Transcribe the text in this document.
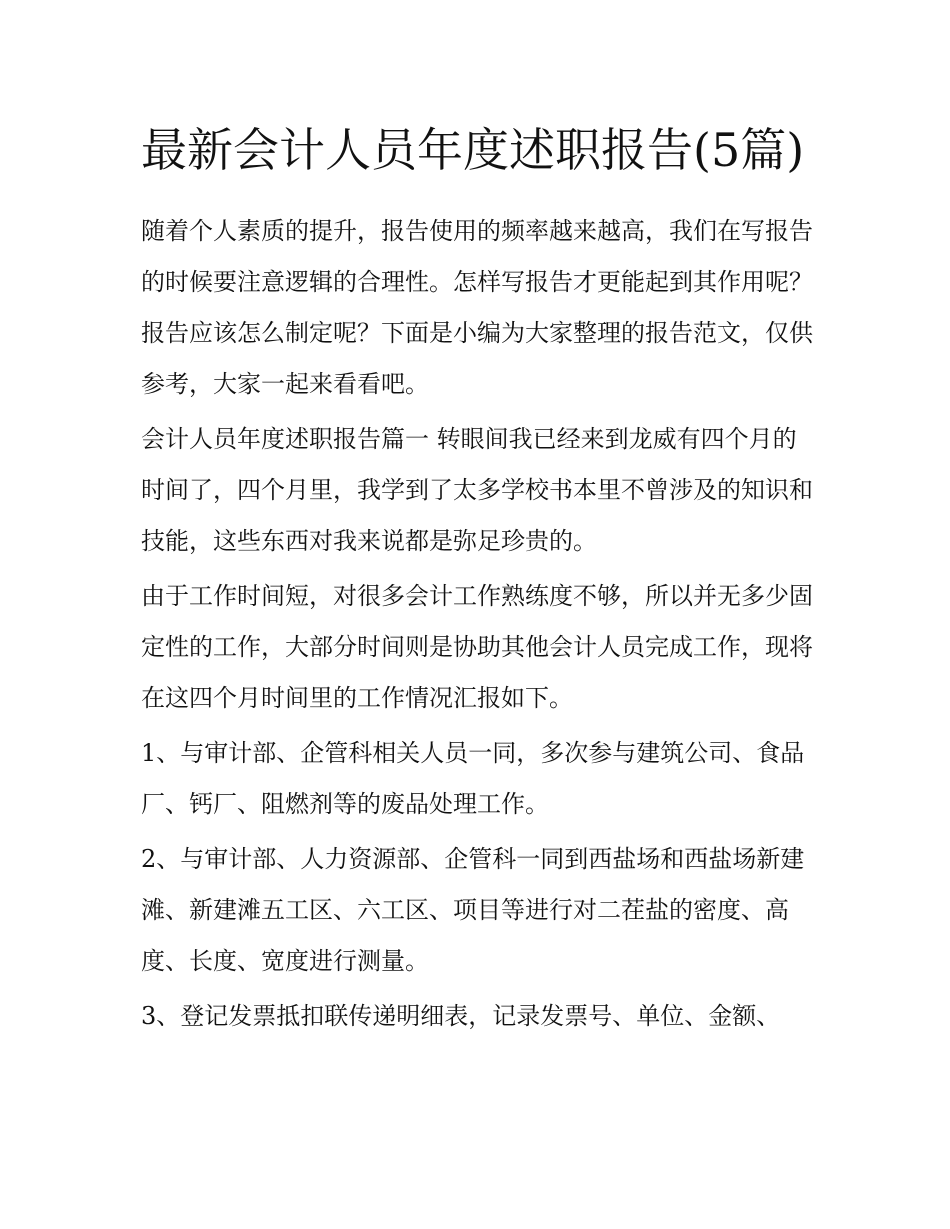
最新会计人员年度述职报告(5篇)

随着个人素质的提升，报告使用的频率越来越高，我们在写报告的时候要注意逻辑的合理性。怎样写报告才更能起到其作用呢？报告应该怎么制定呢？下面是小编为大家整理的报告范文，仅供参考，大家一起来看看吧。

会计人员年度述职报告篇一 转眼间我已经来到龙威有四个月的时间了，四个月里，我学到了太多学校书本里不曾涉及的知识和技能，这些东西对我来说都是弥足珍贵的。

由于工作时间短，对很多会计工作熟练度不够，所以并无多少固定性的工作，大部分时间则是协助其他会计人员完成工作，现将在这四个月时间里的工作情况汇报如下。

1、与审计部、企管科相关人员一同，多次参与建筑公司、食品厂、钙厂、阻燃剂等的废品处理工作。

2、与审计部、人力资源部、企管科一同到西盐场和西盐场新建滩、新建滩五工区、六工区、项目等进行对二茬盐的密度、高度、长度、宽度进行测量。

3、登记发票抵扣联传递明细表，记录发票号、单位、金额、
